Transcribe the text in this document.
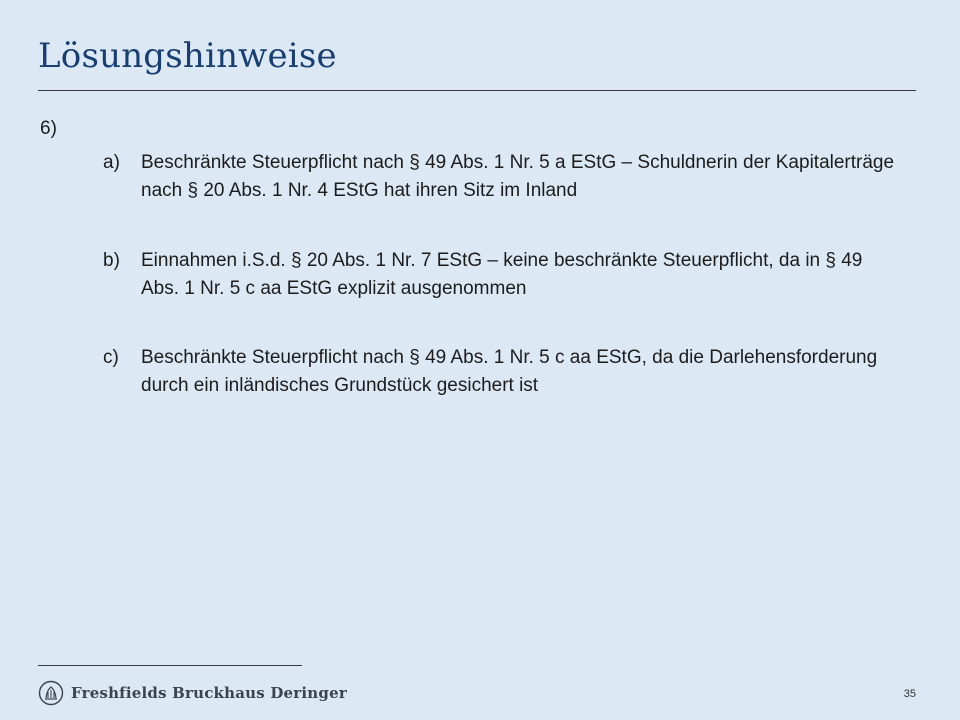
Lösungshinweise
6)
a) Beschränkte Steuerpflicht nach § 49 Abs. 1 Nr. 5 a EStG – Schuldnerin der Kapitalerträge nach § 20 Abs. 1 Nr. 4 EStG hat ihren Sitz im Inland
b) Einnahmen i.S.d. § 20 Abs. 1 Nr. 7 EStG – keine beschränkte Steuerpflicht, da in § 49 Abs. 1 Nr. 5 c aa EStG explizit ausgenommen
c) Beschränkte Steuerpflicht nach § 49 Abs. 1 Nr. 5 c aa EStG, da die Darlehensforderung durch ein inländisches Grundstück gesichert ist
Freshfields Bruckhaus Deringer	35
